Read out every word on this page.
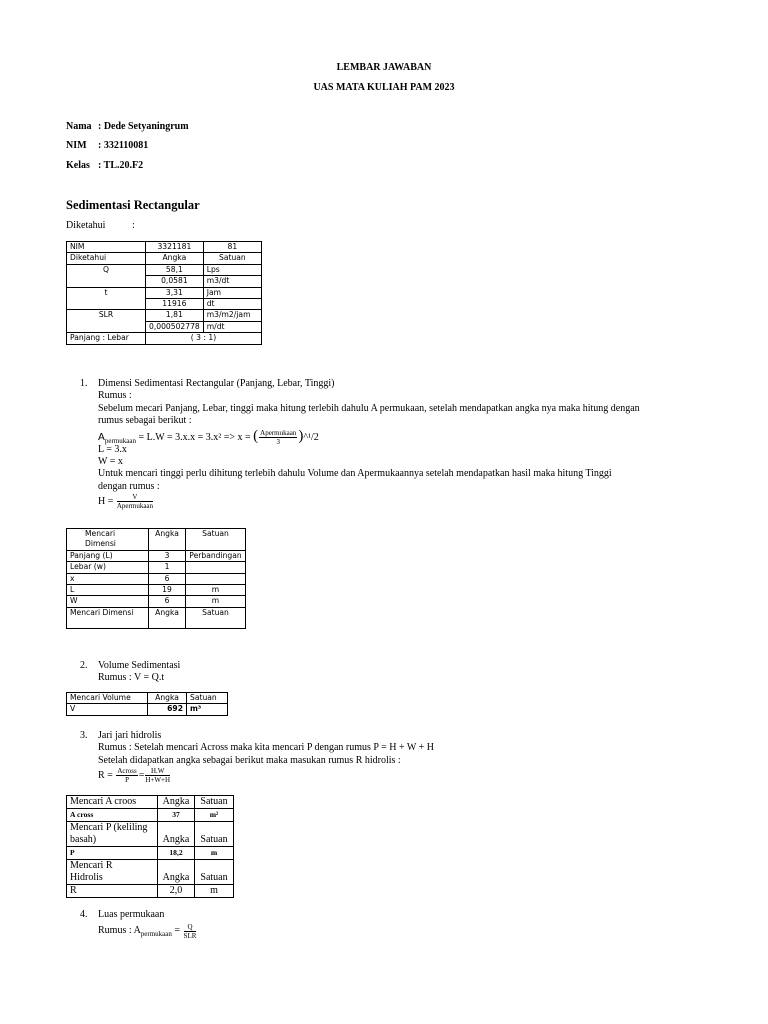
LEMBAR JAWABAN
UAS MATA KULIAH PAM 2023
Nama : Dede Setyaningrum
NIM : 332110081
Kelas : TL.20.F2
Sedimentasi Rectangular
Diketahui	:
NIM	3321181	81
Diketahui	Angka	Satuan
Q	58,1	Lps
	0,0581	m3/dt
t	3,31	Jam
	11916	dt
SLR	1,81	m3/m2/jam
	0,000502778	m/dt
Panjang : Lebar	( 3 : 1)	
1. Dimensi Sedimentasi Rectangular (Panjang, Lebar, Tinggi)
Rumus :
Sebelum mecari Panjang, Lebar, tinggi maka hitung terlebih dahulu A permukaan, setelah mendapatkan angka nya maka hitung dengan
rumus sebagai berikut :
$A_{permukaan} = L.W = 3.x.x = 3.x^2 => x$ = ( $\frac{\text{Apermukaan}}{3}$ )^¹/2
L = 3.x
W = x
Untuk mencari tinggi perlu dihitung terlebih dahulu Volume dan Apermukaannya setelah mendapatkan hasil maka hitung Tinggi
dengan rumus :
$H = \frac{V}{\text{Apermukaan}}$
Mencari Dimensi	Angka	Satuan
Panjang (L)	3	Perbandingan
Lebar (w)	1	
x	6	
L	19	m
W	6	m
Mencari Dimensi	Angka	Satuan
2. Volume Sedimentasi
Rumus : V = Q.t
Mencari Volume	Angka	Satuan
V	692	m³
3. Jari jari hidrolis
Rumus : Setelah mencari Across maka kita mencari P dengan rumus P = H + W + H
Setelah didapatkan angka sebagai berikut maka masukan rumus R hidrolis :
$R = \frac{\text{Across}}{P} = \frac{H.W}{H+W+H}$
Mencari A croos	Angka	Satuan
A cross	37	m²
Mencari P (keliling basah)	Angka	Satuan
P	18,2	m
Mencari R Hidrolis	Angka	Satuan
R	2,0	m
4. Luas permukaan
Rumus : $A_{permukaan} = \frac{Q}{\text{SLR}}$
